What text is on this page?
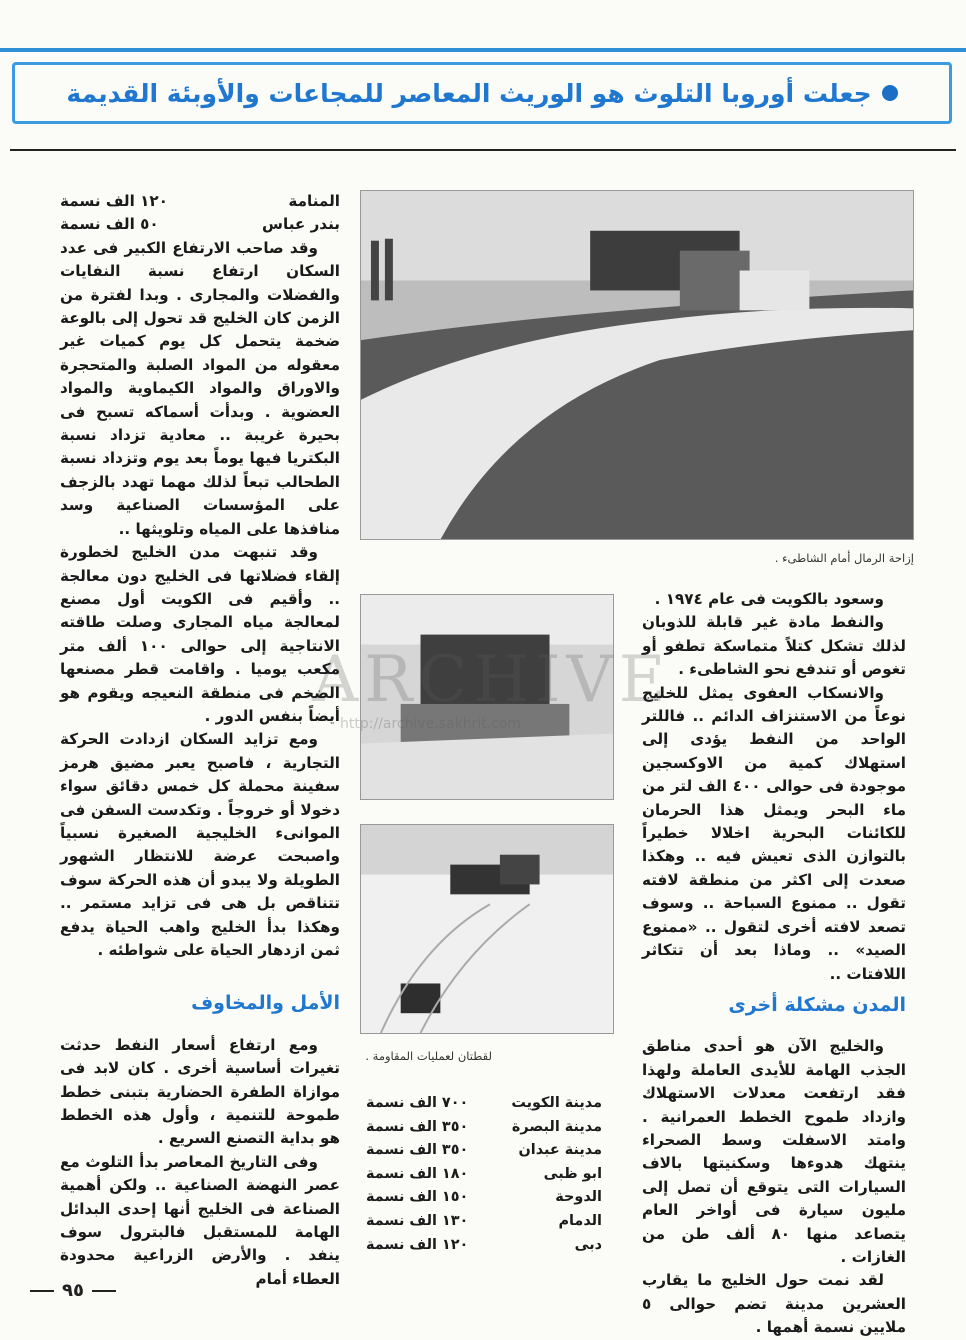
جعلت أوروبا التلوث هو الوريث المعاصر للمجاعات والأوبئة القديمة
إزاحة الرمال أمام الشاطىء .
لقطتان لعمليات المقاومة .
ARCHIVE
http://archive.sakhrit.com
المنامة
١٢٠ الف نسمة
بندر عباس
٥٠ الف نسمة

وقد صاحب الارتفاع الكبير فى عدد السكان ارتفاع نسبة النفايات والفضلات والمجارى . وبدا لفترة من الزمن كان الخليج قد تحول إلى بالوعة ضخمة يتحمل كل يوم كميات غير معقوله من المواد الصلبة والمتحجرة والاوراق والمواد الكيماوية والمواد العضوية . وبدأت أسماكه تسبح فى بحيرة غريبة .. معادية تزداد نسبة البكتريا فيها يوماً بعد يوم وتزداد نسبة الطحالب تبعاً لذلك مهما تهدد بالزجف على المؤسسات الصناعية وسد منافذها على المياه وتلويثها ..

وقد تنبهت مدن الخليج لخطورة إلقاء فضلاتها فى الخليج دون معالجة .. وأقيم فى الكويت أول مصنع لمعالجة مياه المجارى وصلت طاقته الانتاجية إلى حوالى ١٠٠ ألف متر مكعب يوميا . واقامت قطر مصنعها الضخم فى منطقة النعيجه ويقوم هو أيضاً بنفس الدور .

ومع تزايد السكان ازدادت الحركة التجارية ، فاصبح يعبر مضيق هرمز سفينة محملة كل خمس دقائق سواء دخولا أو خروجاً . وتكدست السفن فى الموانىء الخليجية الصغيرة نسبياً واصبحت عرضة للانتظار الشهور الطويلة ولا يبدو أن هذه الحركة سوف تتناقص بل هى فى تزايد مستمر .. وهكذا بدأ الخليج واهب الحياة يدفع ثمن ازدهار الحياة على شواطئه .

الأمل والمخاوف

ومع ارتفاع أسعار النفط حدثت تغيرات أساسية أخرى . كان لابد فى موازاة الطفرة الحضارية بتبنى خطط طموحة للتنمية ، وأول هذه الخطط هو بداية التصنع السريع .

وفى التاريخ المعاصر بدأ التلوث مع عصر النهضة الصناعية .. ولكن أهمية الصناعة فى الخليج أنها إحدى البدائل الهامة للمستقبل فالبترول سوف ينفد . والأرض الزراعية محدودة العطاء أمام

وسعود بالكويت فى عام ١٩٧٤ .

والنفط مادة غير قابلة للذوبان لذلك تشكل كتلاً متماسكة تطفو أو تغوص أو تندفع نحو الشاطىء .

والانسكاب العفوى يمثل للخليج نوعاً من الاستنزاف الدائم .. فاللتر الواحد من النفط يؤدى إلى استهلاك كمية من الاوكسجين موجودة فى حوالى ٤٠٠ الف لتر من ماء البحر ويمثل هذا الحرمان للكائنات البحرية اخلالا خطيراً بالتوازن الذى تعيش فيه .. وهكذا صعدت إلى اكثر من منطقة لافته تقول .. ممنوع السباحة .. وسوف تصعد لافته أخرى لتقول .. «ممنوع الصيد» .. وماذا بعد أن تتكاثر اللافتات ..

المدن مشكلة أخرى

والخليج الآن هو أحدى مناطق الجذب الهامة للأيدى العاملة ولهذا فقد ارتفعت معدلات الاستهلاك وازداد طموح الخطط العمرانية . وامتد الاسفلت وسط الصحراء ينتهك هدوءها وسكنيتها بالاف السيارات التى يتوقع أن تصل إلى مليون سيارة فى أواخر العام يتصاعد منها ٨٠ ألف طن من الغازات .

لقد نمت حول الخليج ما يقارب العشرين مدينة تضم حوالى ٥ ملايين نسمة أهمها .

مدينة الكويت
٧٠٠ الف نسمة
مدينة البصرة
٣٥٠ الف نسمة
مدينة عبدان
٣٥٠ الف نسمة
ابو ظبى
١٨٠ الف نسمة
الدوحة
١٥٠ الف نسمة
الدمام
١٣٠ الف نسمة
دبى
١٢٠ الف نسمة
٩٥
